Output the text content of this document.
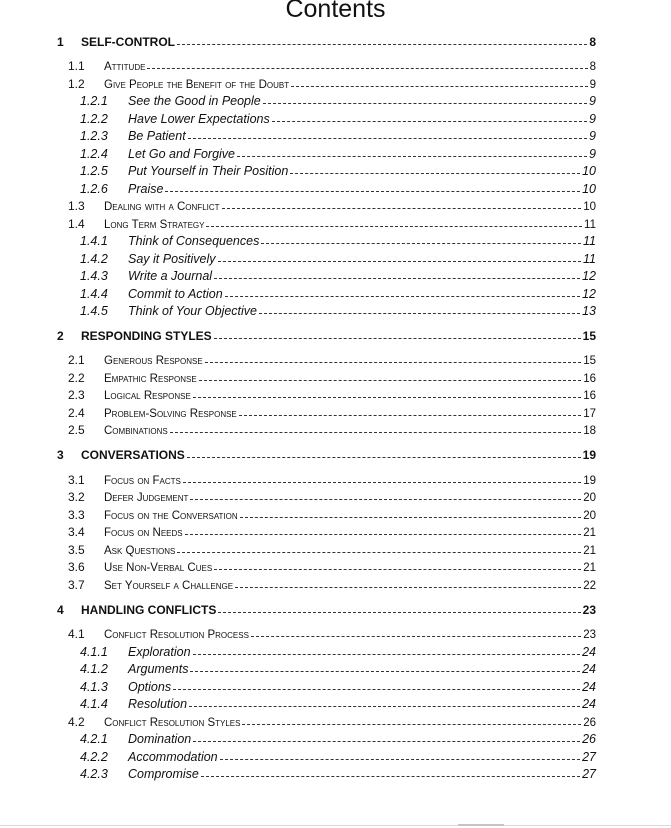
Contents
1	SELF-CONTROL	8
1.1	Attitude	8
1.2	Give People the Benefit of the Doubt	9
1.2.1	See the Good in People	9
1.2.2	Have Lower Expectations	9
1.2.3	Be Patient	9
1.2.4	Let Go and Forgive	9
1.2.5	Put Yourself in Their Position	10
1.2.6	Praise	10
1.3	Dealing with a Conflict	10
1.4	Long Term Strategy	11
1.4.1	Think of Consequences	11
1.4.2	Say it Positively	11
1.4.3	Write a Journal	12
1.4.4	Commit to Action	12
1.4.5	Think of Your Objective	13
2	RESPONDING STYLES	15
2.1	Generous Response	15
2.2	Empathic Response	16
2.3	Logical Response	16
2.4	Problem-Solving Response	17
2.5	Combinations	18
3	CONVERSATIONS	19
3.1	Focus on Facts	19
3.2	Defer Judgement	20
3.3	Focus on the Conversation	20
3.4	Focus on Needs	21
3.5	Ask Questions	21
3.6	Use Non-Verbal Cues	21
3.7	Set Yourself a Challenge	22
4	HANDLING CONFLICTS	23
4.1	Conflict Resolution Process	23
4.1.1	Exploration	24
4.1.2	Arguments	24
4.1.3	Options	24
4.1.4	Resolution	24
4.2	Conflict Resolution Styles	26
4.2.1	Domination	26
4.2.2	Accommodation	27
4.2.3	Compromise	27
